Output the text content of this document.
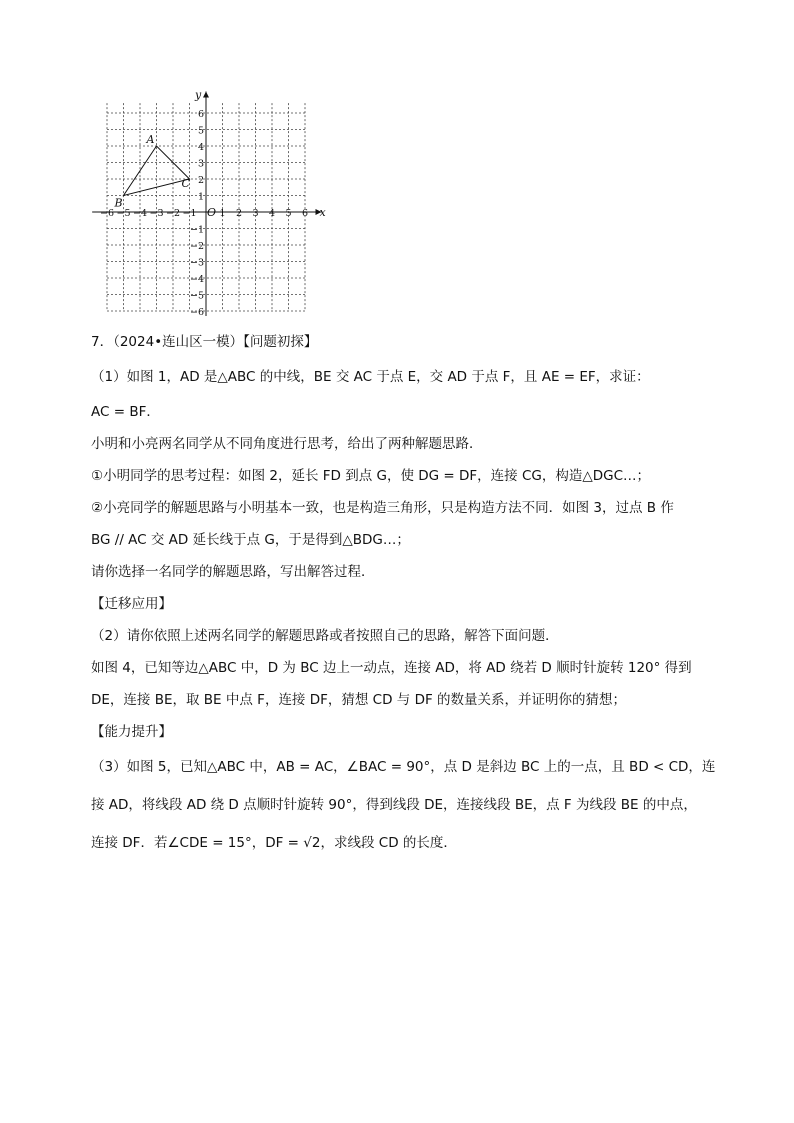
x
y
O
−6 −5 −4 −3 −2 −1 1 2 3 4 5 6
6
5
4
3
2
1
−1
−2
−3
−4
−5
−6
A
B
C
7．（2024•连山区一模）【问题初探】
（1）如图 1，AD 是△ABC 的中线，BE 交 AC 于点 E，交 AD 于点 F，且 AE = EF，求证：
AC = BF．
小明和小亮两名同学从不同角度进行思考，给出了两种解题思路．
①小明同学的思考过程：如图 2，延长 FD 到点 G，使 DG = DF，连接 CG，构造△DGC…；
②小亮同学的解题思路与小明基本一致，也是构造三角形，只是构造方法不同．如图 3，过点 B 作
BG // AC 交 AD 延长线于点 G，于是得到△BDG…；
请你选择一名同学的解题思路，写出解答过程．
【迁移应用】
（2）请你依照上述两名同学的解题思路或者按照自己的思路，解答下面问题．
如图 4，已知等边△ABC 中，D 为 BC 边上一动点，连接 AD，将 AD 绕若 D 顺时针旋转 120° 得到
DE，连接 BE，取 BE 中点 F，连接 DF，猜想 CD 与 DF 的数量关系，并证明你的猜想；
【能力提升】
（3）如图 5，已知△ABC 中，AB = AC，∠BAC = 90°，点 D 是斜边 BC 上的一点，且 BD < CD，连
接 AD，将线段 AD 绕 D 点顺时针旋转 90°，得到线段 DE，连接线段 BE，点 F 为线段 BE 的中点，
连接 DF．若∠CDE = 15°，DF = √2，求线段 CD 的长度．
